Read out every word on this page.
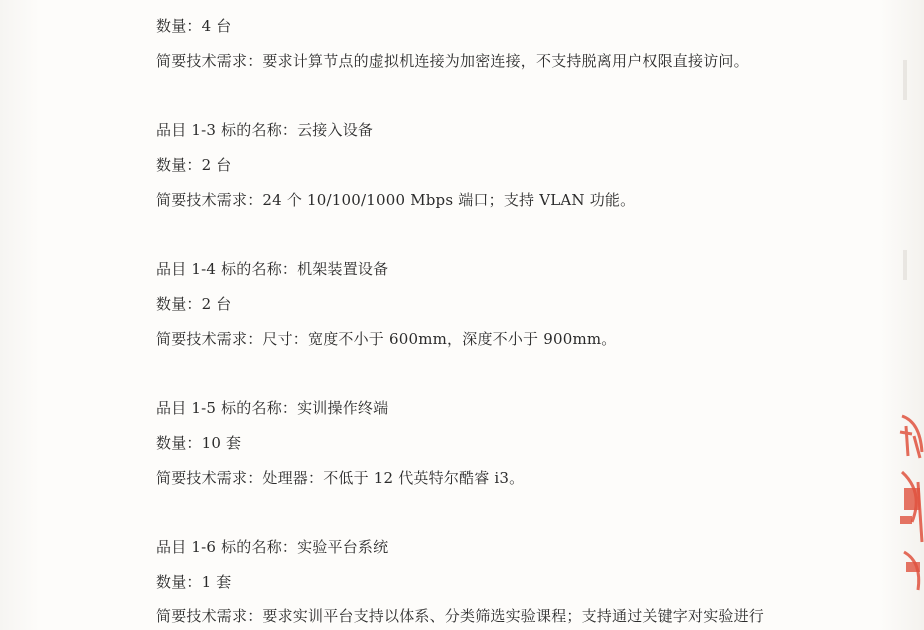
数量：4 台
简要技术需求：要求计算节点的虚拟机连接为加密连接，不支持脱离用户权限直接访问。
品目 1-3 标的名称：云接入设备
数量：2 台
简要技术需求：24 个 10/100/1000 Mbps 端口；支持 VLAN 功能。
品目 1-4 标的名称：机架装置设备
数量：2 台
简要技术需求：尺寸：宽度不小于 600mm，深度不小于 900mm。
品目 1-5 标的名称：实训操作终端
数量：10 套
简要技术需求：处理器：不低于 12 代英特尔酷睿 i3。
品目 1-6 标的名称：实验平台系统
数量：1 套
简要技术需求：要求实训平台支持以体系、分类筛选实验课程；支持通过关键字对实验进行
